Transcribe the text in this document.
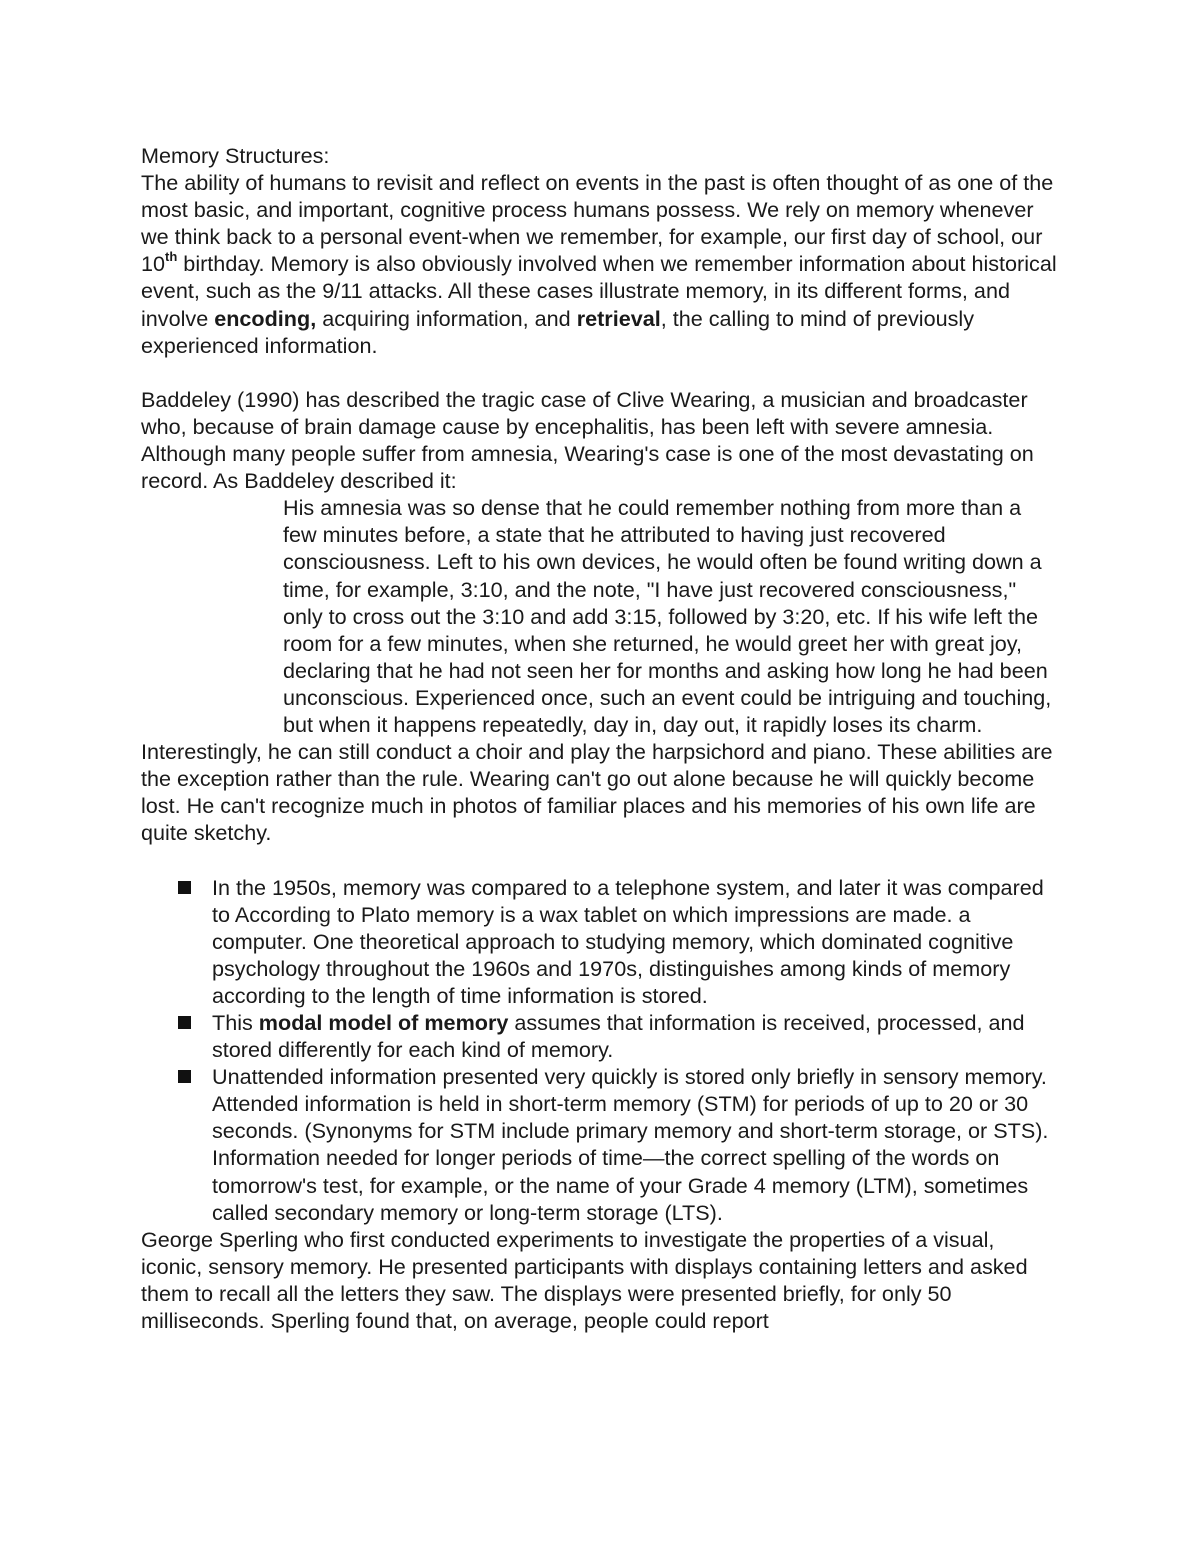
Memory Structures:

The ability of humans to revisit and reflect on events in the past is often thought of as one of the most basic, and important, cognitive process humans possess. We rely on memory whenever we think back to a personal event-when we remember, for example, our first day of school, our 10th birthday. Memory is also obviously involved when we remember information about historical event, such as the 9/11 attacks. All these cases illustrate memory, in its different forms, and involve encoding, acquiring information, and retrieval, the calling to mind of previously experienced information.

Baddeley (1990) has described the tragic case of Clive Wearing, a musician and broadcaster who, because of brain damage cause by encephalitis, has been left with severe amnesia. Although many people suffer from amnesia, Wearing's case is one of the most devastating on record. As Baddeley described it:

His amnesia was so dense that he could remember nothing from more than a few minutes before, a state that he attributed to having just recovered consciousness. Left to his own devices, he would often be found writing down a time, for example, 3:10, and the note, "I have just recovered consciousness," only to cross out the 3:10 and add 3:15, followed by 3:20, etc. If his wife left the room for a few minutes, when she returned, he would greet her with great joy, declaring that he had not seen her for months and asking how long he had been unconscious. Experienced once, such an event could be intriguing and touching, but when it happens repeatedly, day in, day out, it rapidly loses its charm.

Interestingly, he can still conduct a choir and play the harpsichord and piano. These abilities are the exception rather than the rule. Wearing can't go out alone because he will quickly become lost. He can't recognize much in photos of familiar places and his memories of his own life are quite sketchy.

In the 1950s, memory was compared to a telephone system, and later it was compared to According to Plato memory is a wax tablet on which impressions are made. a computer. One theoretical approach to studying memory, which dominated cognitive psychology throughout the 1960s and 1970s, distinguishes among kinds of memory according to the length of time information is stored.
This modal model of memory assumes that information is received, processed, and stored differently for each kind of memory.
Unattended information presented very quickly is stored only briefly in sensory memory. Attended information is held in short-term memory (STM) for periods of up to 20 or 30 seconds. (Synonyms for STM include primary memory and short-term storage, or STS). Information needed for longer periods of time—the correct spelling of the words on tomorrow's test, for example, or the name of your Grade 4 memory (LTM), sometimes called secondary memory or long-term storage (LTS).

George Sperling who first conducted experiments to investigate the properties of a visual, iconic, sensory memory. He presented participants with displays containing letters and asked them to recall all the letters they saw. The displays were presented briefly, for only 50 milliseconds. Sperling found that, on average, people could report
